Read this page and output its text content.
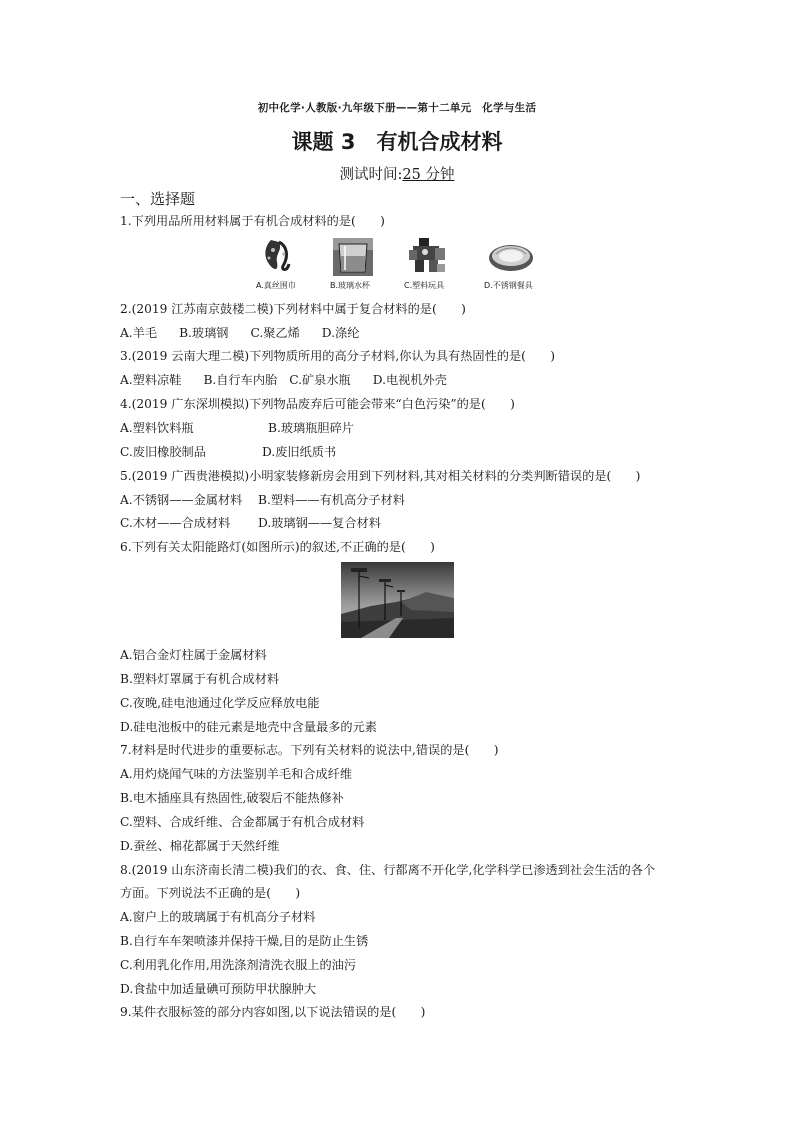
初中化学·人教版·九年级下册——第十二单元　化学与生活
课题 3　有机合成材料
测试时间:25 分钟
一、选择题
1.下列用品所用材料属于有机合成材料的是(　　)
A.真丝围巾	B.玻璃水杯	C.塑料玩具	D.不锈钢餐具
2.(2019 江苏南京鼓楼二模)下列材料中属于复合材料的是(　　)
A.羊毛 B.玻璃钢 C.聚乙烯 D.涤纶
3.(2019 云南大理二模)下列物质所用的高分子材料,你认为具有热固性的是(　　)
A.塑料凉鞋 B.自行车内胎 C.矿泉水瓶 D.电视机外壳
4.(2019 广东深圳模拟)下列物品废弃后可能会带来“白色污染”的是(　　)
A.塑料饮料瓶	B.玻璃瓶胆碎片
C.废旧橡胶制品	D.废旧纸质书
5.(2019 广西贵港模拟)小明家装修新房会用到下列材料,其对相关材料的分类判断错误的是(　　)
A.不锈钢——金属材料 B.塑料——有机高分子材料
C.木材——合成材料 D.玻璃钢——复合材料
6.下列有关太阳能路灯(如图所示)的叙述,不正确的是(　　)
A.铝合金灯柱属于金属材料
B.塑料灯罩属于有机合成材料
C.夜晚,硅电池通过化学反应释放电能
D.硅电池板中的硅元素是地壳中含量最多的元素
7.材料是时代进步的重要标志。下列有关材料的说法中,错误的是(　　)
A.用灼烧闻气味的方法鉴别羊毛和合成纤维
B.电木插座具有热固性,破裂后不能热修补
C.塑料、合成纤维、合金都属于有机合成材料
D.蚕丝、棉花都属于天然纤维
8.(2019 山东济南长清二模)我们的衣、食、住、行都离不开化学,化学科学已渗透到社会生活的各个
方面。下列说法不正确的是(　　)
A.窗户上的玻璃属于有机高分子材料
B.自行车车架喷漆并保持干燥,目的是防止生锈
C.利用乳化作用,用洗涤剂清洗衣服上的油污
D.食盐中加适量碘可预防甲状腺肿大
9.某件衣服标签的部分内容如图,以下说法错误的是(　　)
